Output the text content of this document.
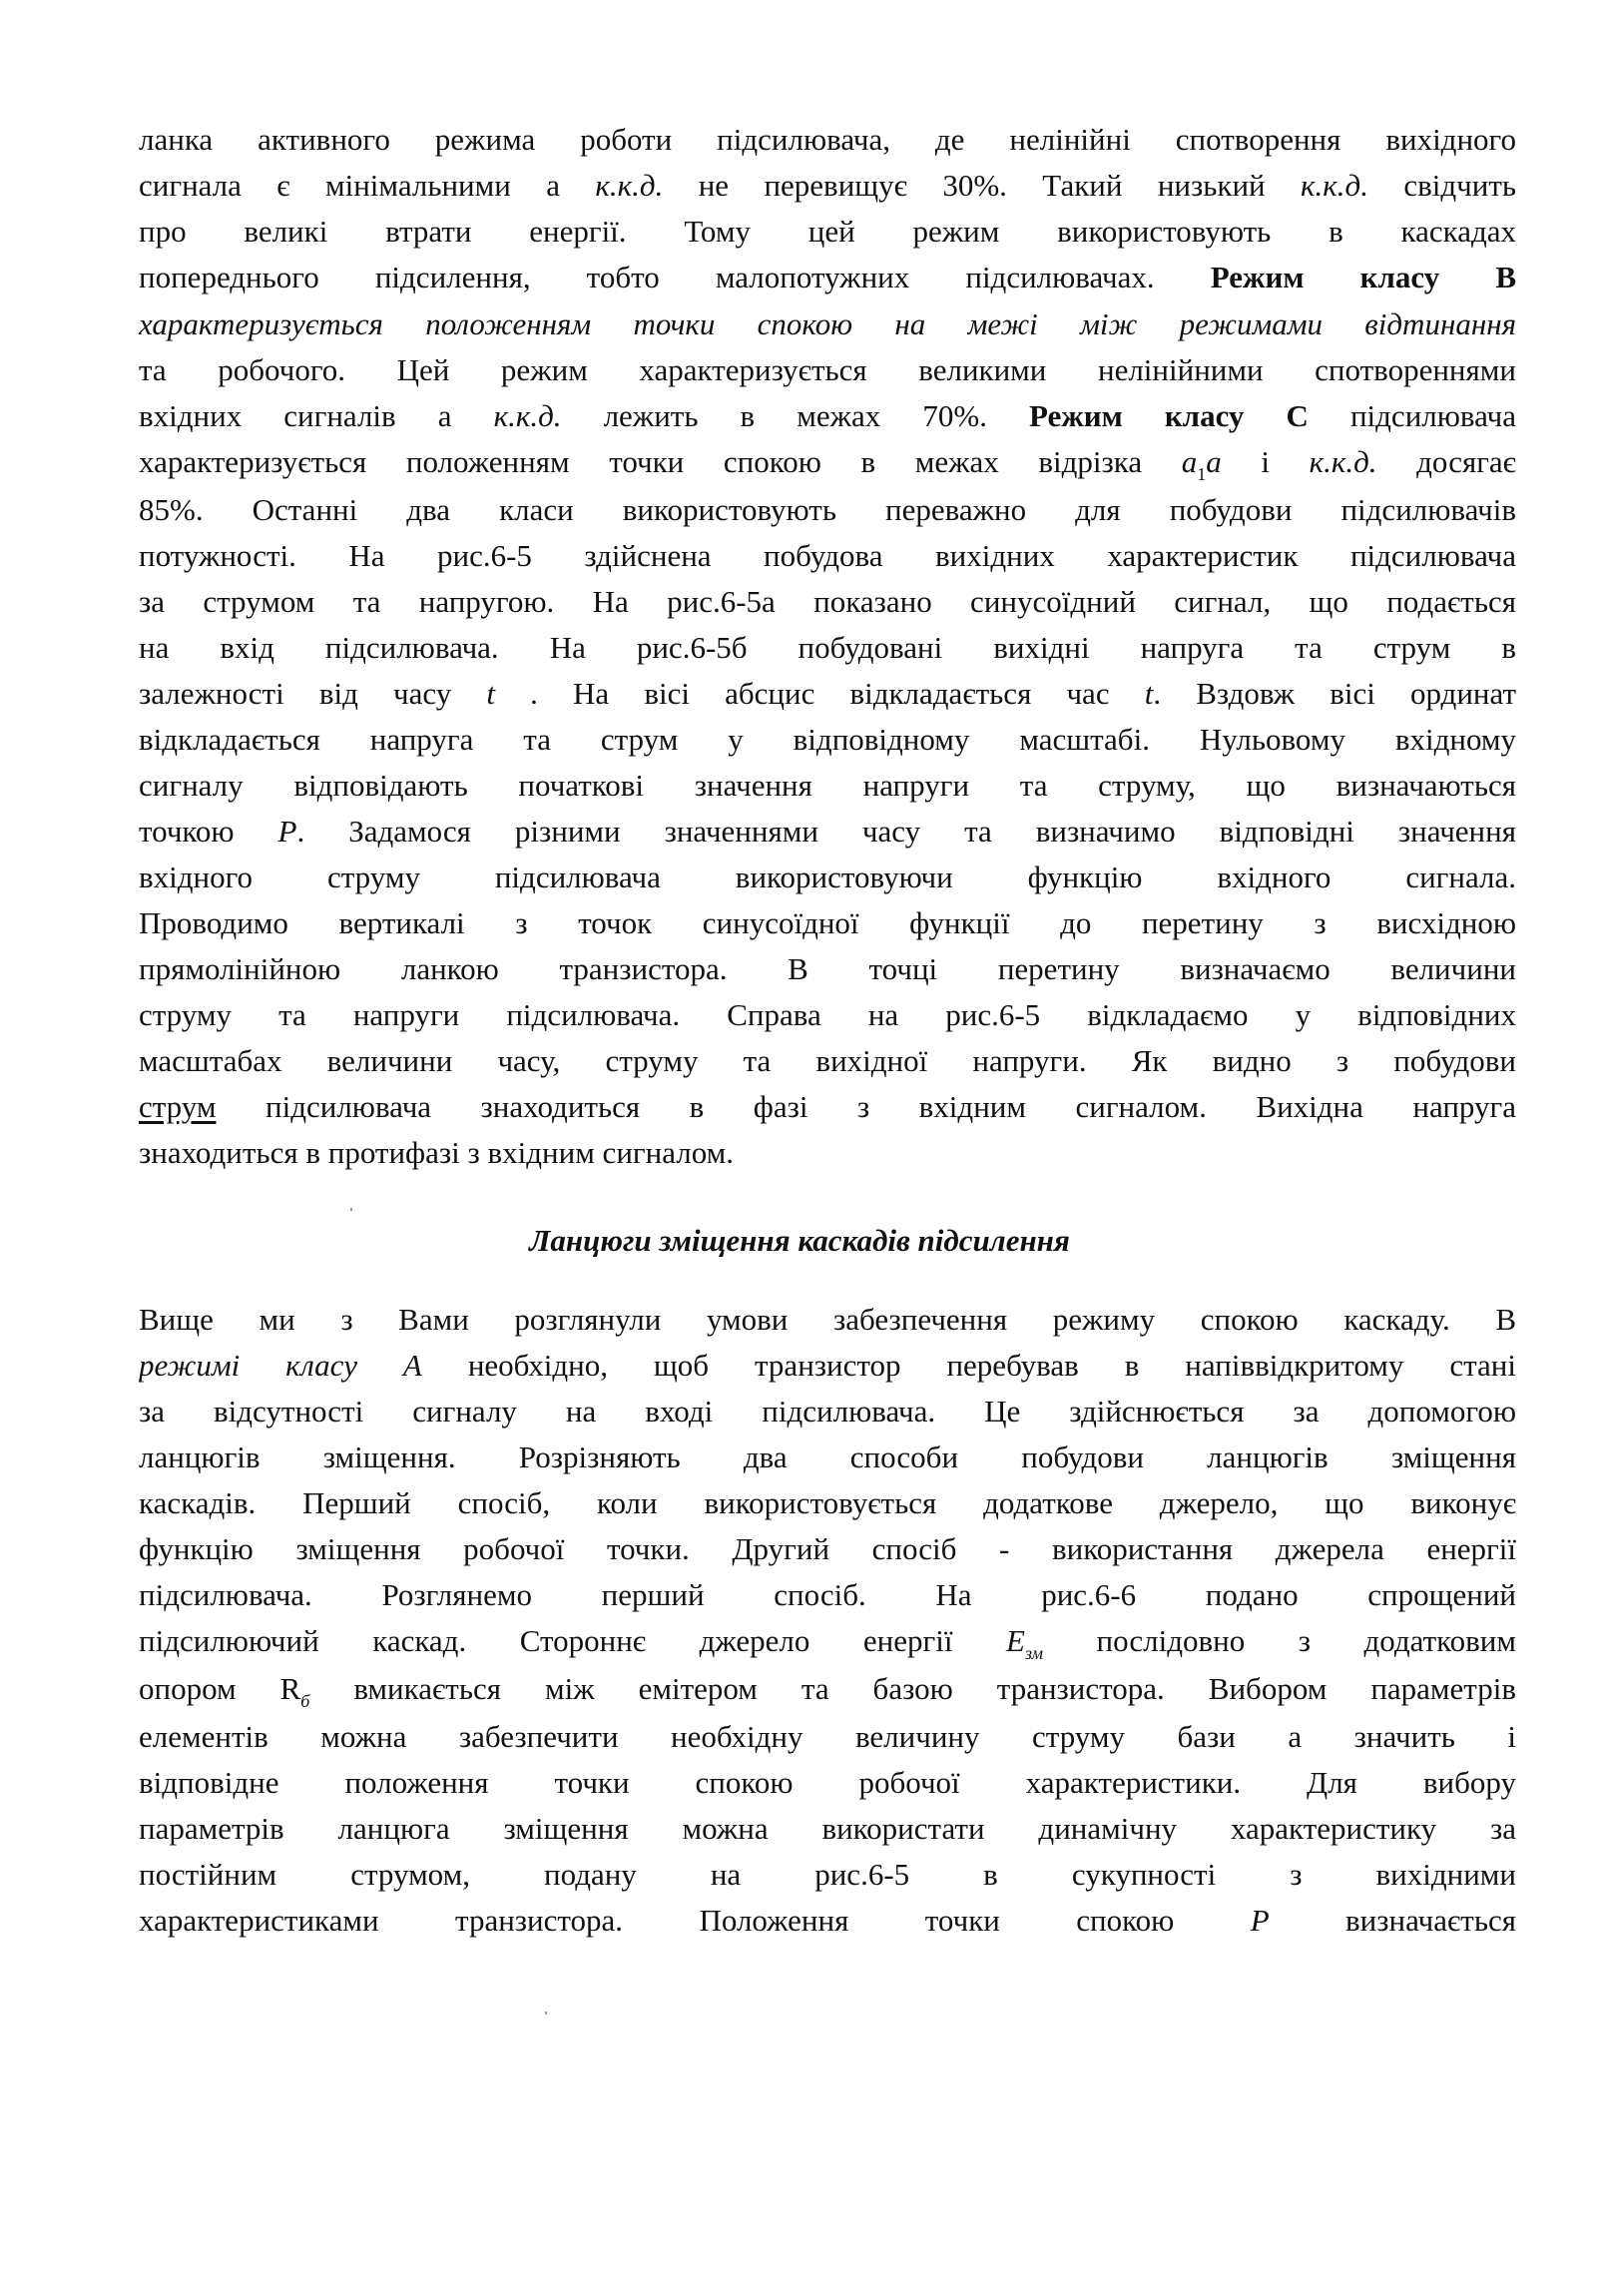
ланка активного режима роботи підсилювача, де нелінійні спотворення вихідного
сигнала є мінімальними а к.к.д. не перевищує 30%. Такий низький к.к.д. свідчить
про великі втрати енергії. Тому цей режим використовують в каскадах
попереднього підсилення, тобто малопотужних підсилювачах. Режим класу В
характеризується положенням точки спокою на межі між режимами відтинання
та робочого. Цей режим характеризується великими нелінійними спотвореннями
вхідних сигналів а к.к.д. лежить в межах 70%. Режим класу С підсилювача
характеризується положенням точки спокою в межах відрізка $a_1a$ і к.к.д. досягає
85%. Останні два класи використовують переважно для побудови підсилювачів
потужності. На рис.6-5 здійснена побудова вихідних характеристик підсилювача
за струмом та напругою. На рис.6-5а показано синусоїдний сигнал, що подається
на вхід підсилювача. На рис.6-5б побудовані вихідні напруга та струм в
залежності від часу t . На вісі абсцис відкладається час t. Вздовж вісі ординат
відкладається напруга та струм у відповідному масштабі. Нульовому вхідному
сигналу відповідають початкові значення напруги та струму, що визначаються
точкою P. Задамося різними значеннями часу та визначимо відповідні значення
вхідного струму підсилювача використовуючи функцію вхідного сигнала.
Проводимо вертикалі з точок синусоїдної функції до перетину з висхідною
прямолінійною ланкою транзистора. В точці перетину визначаємо величини
струму та напруги підсилювача. Справа на рис.6-5 відкладаємо у відповідних
масштабах величини часу, струму та вихідної напруги. Як видно з побудови
струм підсилювача знаходиться в фазі з вхідним сигналом. Вихідна напруга
знаходиться в протифазі з вхідним сигналом.
Ланцюги зміщення каскадів підсилення
Вище ми з Вами розглянули умови забезпечення режиму спокою каскаду. В
режимі класу А необхідно, щоб транзистор перебував в напіввідкритому стані
за відсутності сигналу на вході підсилювача. Це здійснюється за допомогою
ланцюгів зміщення. Розрізняють два способи побудови ланцюгів зміщення
каскадів. Перший спосіб, коли використовується додаткове джерело, що виконує
функцію зміщення робочої точки. Другий спосіб - використання джерела енергії
підсилювача. Розглянемо перший спосіб. На рис.6-6 подано спрощений
підсилюючий каскад. Стороннє джерело енергії $E_{зм}$ послідовно з додатковим
опором $R_б$ вмикається між емітером та базою транзистора. Вибором параметрів
елементів можна забезпечити необхідну величину струму бази а значить і
відповідне положення точки спокою робочої характеристики. Для вибору
параметрів ланцюга зміщення можна використати динамічну характеристику за
постійним струмом, подану на рис.6-5 в сукупності з вихідними
характеристиками транзистора. Положення точки спокою P визначається
